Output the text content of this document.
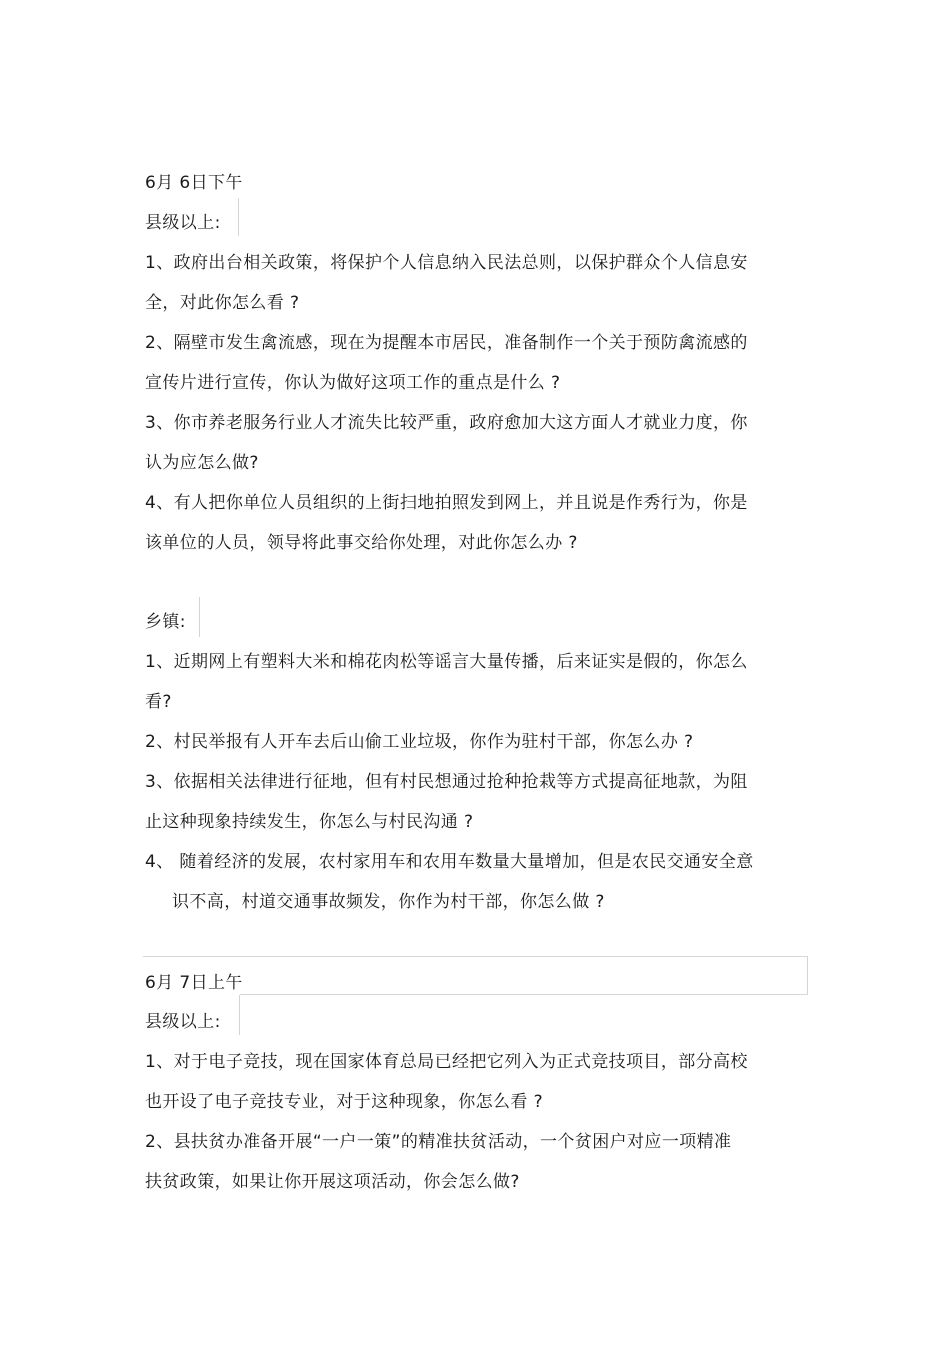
6月 6日下午
县级以上:
1、政府出台相关政策，将保护个人信息纳入民法总则，以保护群众个人信息安
全，对此你怎么看 ?
2、隔壁市发生禽流感，现在为提醒本市居民，准备制作一个关于预防禽流感的
宣传片进行宣传，你认为做好这项工作的重点是什么 ?
3、你市养老服务行业人才流失比较严重，政府愈加大这方面人才就业力度，你
认为应怎么做?
4、有人把你单位人员组织的上街扫地拍照发到网上，并且说是作秀行为，你是
该单位的人员，领导将此事交给你处理，对此你怎么办 ?
乡镇:
1、近期网上有塑料大米和棉花肉松等谣言大量传播，后来证实是假的，你怎么
看?
2、村民举报有人开车去后山偷工业垃圾，你作为驻村干部，你怎么办 ?
3、依据相关法律进行征地，但有村民想通过抢种抢栽等方式提高征地款，为阻
止这种现象持续发生，你怎么与村民沟通 ?
4、 随着经济的发展，农村家用车和农用车数量大量增加，但是农民交通安全意
识不高，村道交通事故频发，你作为村干部，你怎么做 ?
6月 7日上午
县级以上:
1、对于电子竞技，现在国家体育总局已经把它列入为正式竞技项目，部分高校
也开设了电子竞技专业，对于这种现象，你怎么看 ?
2、县扶贫办准备开展“一户一策”的精准扶贫活动，一个贫困户对应一项精准
扶贫政策，如果让你开展这项活动，你会怎么做?
